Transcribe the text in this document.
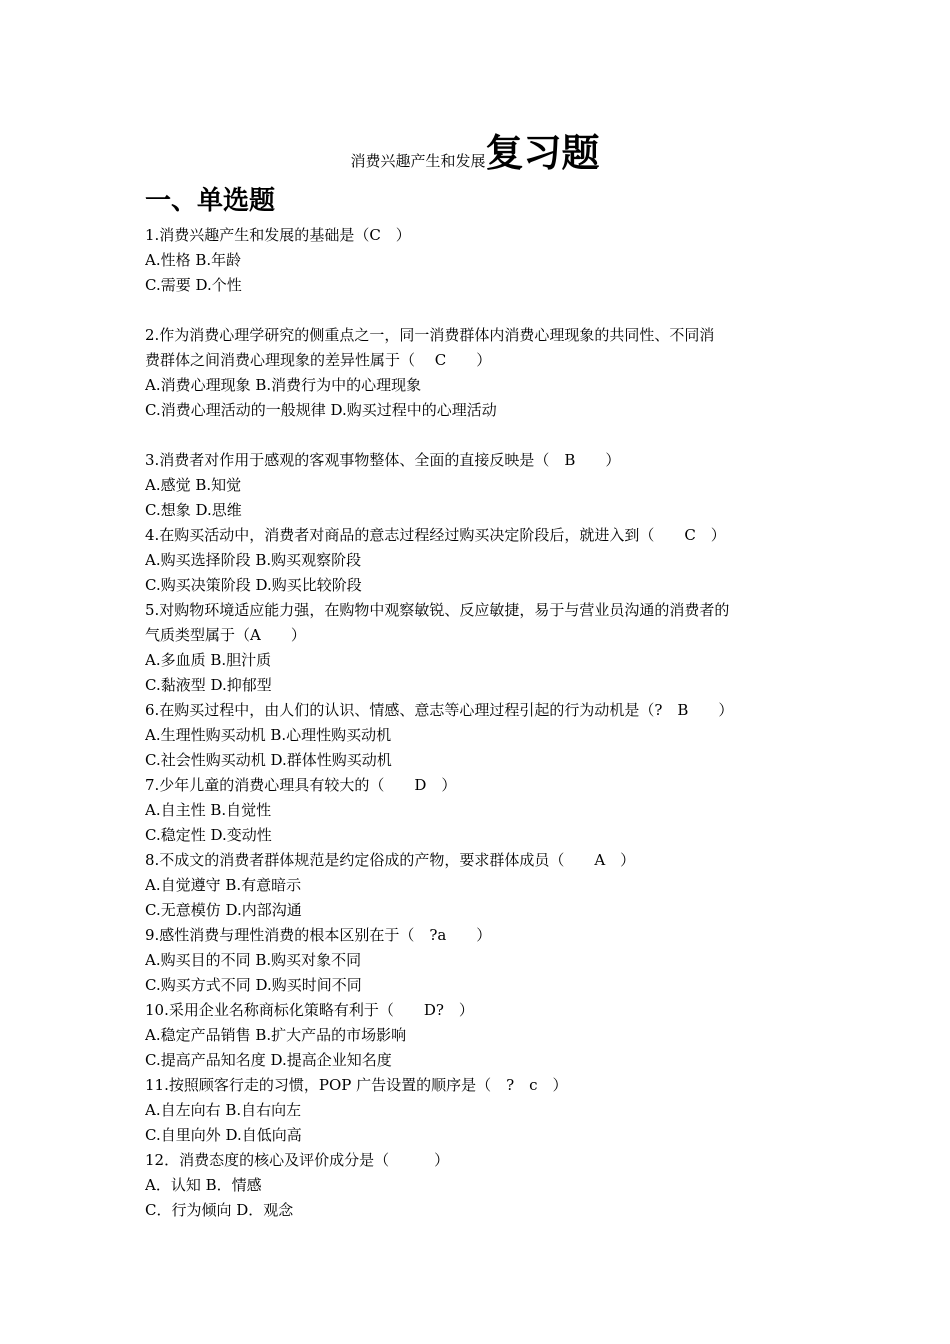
消费兴趣产生和发展复习题
一、单选题
1.消费兴趣产生和发展的基础是（C　）
A.性格 B.年龄
C.需要 D.个性
2.作为消费心理学研究的侧重点之一，同一消费群体内消费心理现象的共同性、不同消
费群体之间消费心理现象的差异性属于（　 C　　）
A.消费心理现象 B.消费行为中的心理现象
C.消费心理活动的一般规律 D.购买过程中的心理活动
3.消费者对作用于感观的客观事物整体、全面的直接反映是（　B　　）
A.感觉 B.知觉
C.想象 D.思维
4.在购买活动中，消费者对商品的意志过程经过购买决定阶段后，就进入到（　　C　）
A.购买选择阶段 B.购买观察阶段
C.购买决策阶段 D.购买比较阶段
5.对购物环境适应能力强，在购物中观察敏锐、反应敏捷，易于与营业员沟通的消费者的
气质类型属于（A　　）
A.多血质 B.胆汁质
C.黏液型 D.抑郁型
6.在购买过程中，由人们的认识、情感、意志等心理过程引起的行为动机是（?　B　　）
A.生理性购买动机 B.心理性购买动机
C.社会性购买动机 D.群体性购买动机
7.少年儿童的消费心理具有较大的（　　D　）
A.自主性 B.自觉性
C.稳定性 D.变动性
8.不成文的消费者群体规范是约定俗成的产物，要求群体成员（　　A　）
A.自觉遵守 B.有意暗示
C.无意模仿 D.内部沟通
9.感性消费与理性消费的根本区别在于（　?a　　）
A.购买目的不同 B.购买对象不同
C.购买方式不同 D.购买时间不同
10.采用企业名称商标化策略有利于（　　D?　）
A.稳定产品销售 B.扩大产品的市场影响
C.提高产品知名度 D.提高企业知名度
11.按照顾客行走的习惯，POP 广告设置的顺序是（　?　c　）
A.自左向右 B.自右向左
C.自里向外 D.自低向高
12．消费态度的核心及评价成分是（　　　）
A．认知 B．情感
C．行为倾向 D．观念
